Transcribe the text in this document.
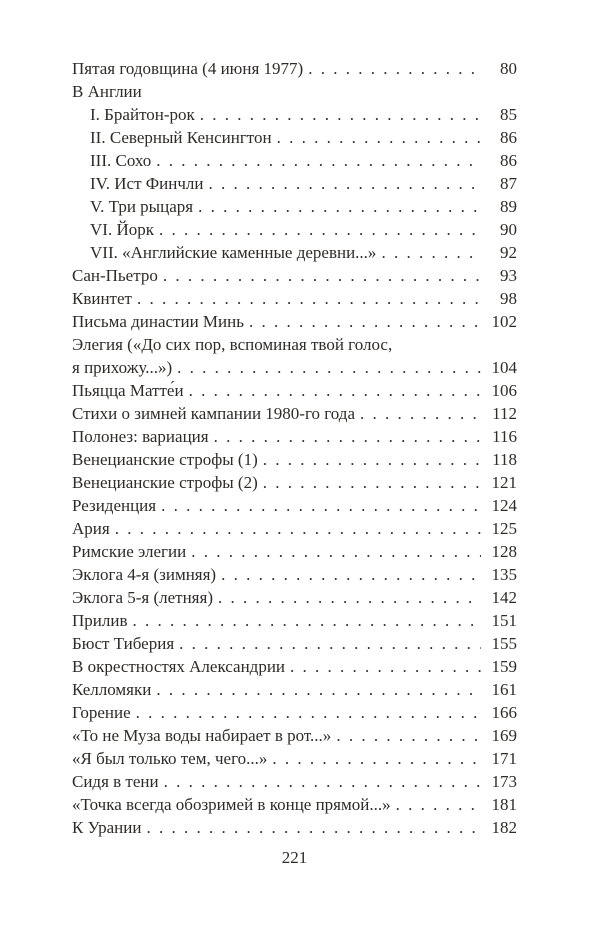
Пятая годовщина (4 июня 1977) . . .	80
В Англии
I. Брайтон-рок . . .	85
II. Северный Кенсингтон . . .	86
III. Сохо . . .	86
IV. Ист Финчли . . .	87
V. Три рыцаря . . .	89
VI. Йорк . . .	90
VII. «Английские каменные деревни...» . . .	92
Сан-Пьетро . . .	93
Квинтет . . .	98
Письма династии Минь . . .	102
Элегия («До сих пор, вспоминая твой голос,
я прихожу...») . . .	104
Пьяцца Матте́и . . .	106
Стихи о зимней кампании 1980-го года . . .	112
Полонез: вариация . . .	116
Венецианские строфы (1) . . .	118
Венецианские строфы (2) . . .	121
Резиденция . . .	124
Ария . . .	125
Римские элегии . . .	128
Эклога 4-я (зимняя) . . .	135
Эклога 5-я (летняя) . . .	142
Прилив . . .	151
Бюст Тиберия . . .	155
В окрестностях Александрии . . .	159
Келломяки . . .	161
Горение . . .	166
«То не Муза воды набирает в рот...» . . .	169
«Я был только тем, чего...» . . .	171
Сидя в тени . . .	173
«Точка всегда обозримей в конце прямой...» . . .	181
К Урании . . .	182
221
